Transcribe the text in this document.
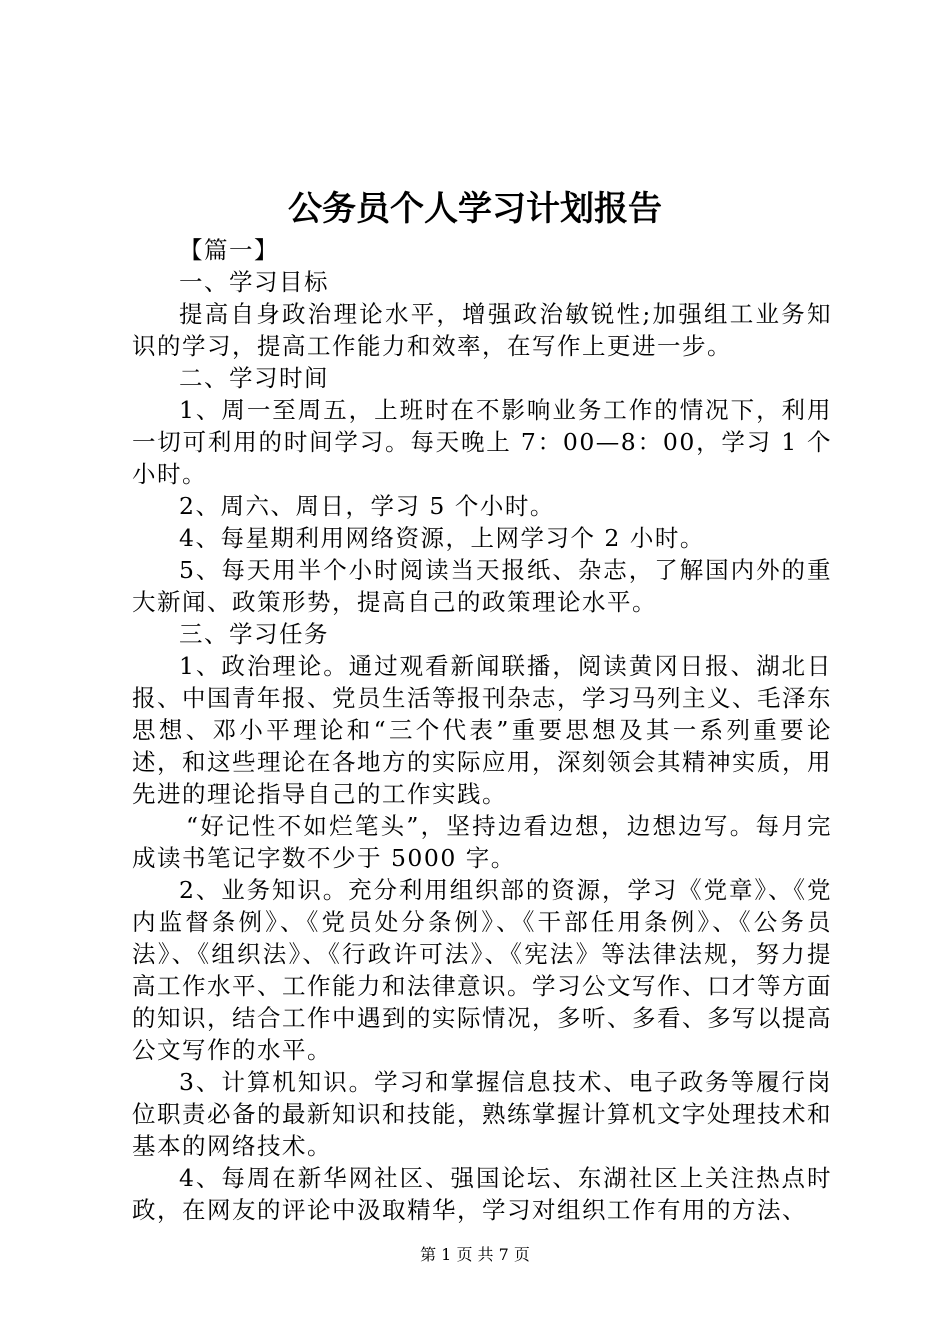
公务员个人学习计划报告

【篇一】

一、学习目标

提高自身政治理论水平，增强政治敏锐性;加强组工业务知识的学习，提高工作能力和效率，在写作上更进一步。

二、学习时间

1、周一至周五，上班时在不影响业务工作的情况下，利用一切可利用的时间学习。每天晚上 7：00—8：00，学习 1 个小时。

2、周六、周日，学习 5 个小时。

4、每星期利用网络资源，上网学习个 2 小时。

5、每天用半个小时阅读当天报纸、杂志，了解国内外的重大新闻、政策形势，提高自己的政策理论水平。

三、学习任务

1、政治理论。通过观看新闻联播，阅读黄冈日报、湖北日报、中国青年报、党员生活等报刊杂志，学习马列主义、毛泽东思想、邓小平理论和“三个代表”重要思想及其一系列重要论述，和这些理论在各地方的实际应用，深刻领会其精神实质，用先进的理论指导自己的工作实践。

“好记性不如烂笔头”，坚持边看边想，边想边写。每月完成读书笔记字数不少于 5000 字。

2、业务知识。充分利用组织部的资源，学习《党章》、《党内监督条例》、《党员处分条例》、《干部任用条例》、《公务员法》、《组织法》、《行政许可法》、《宪法》等法律法规，努力提高工作水平、工作能力和法律意识。学习公文写作、口才等方面的知识，结合工作中遇到的实际情况，多听、多看、多写以提高公文写作的水平。

3、计算机知识。学习和掌握信息技术、电子政务等履行岗位职责必备的最新知识和技能，熟练掌握计算机文字处理技术和基本的网络技术。

4、每周在新华网社区、强国论坛、东湖社区上关注热点时政，在网友的评论中汲取精华，学习对组织工作有用的方法、

第 1 页 共 7 页
